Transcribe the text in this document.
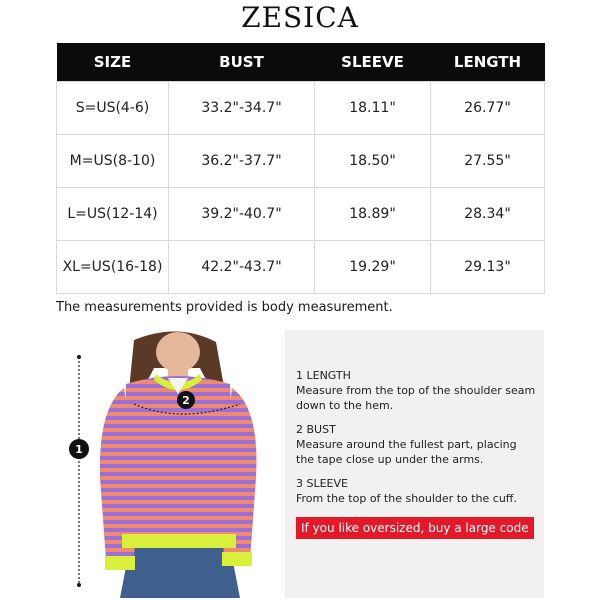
ZESICA
SIZE	BUST	SLEEVE	LENGTH
S=US(4-6)	33.2"-34.7"	18.11"	26.77"
M=US(8-10)	36.2"-37.7"	18.50"	27.55"
L=US(12-14)	39.2"-40.7"	18.89"	28.34"
XL=US(16-18)	42.2"-43.7"	19.29"	29.13"
The measurements provided is body measurement.
2
1
1 LENGTH
Measure from the top of the shoulder seam down to the hem.
2 BUST
Measure around the fullest part, placing the tape close up under the arms.
3 SLEEVE
From the top of the shoulder to the cuff.
If you like oversized, buy a large code
